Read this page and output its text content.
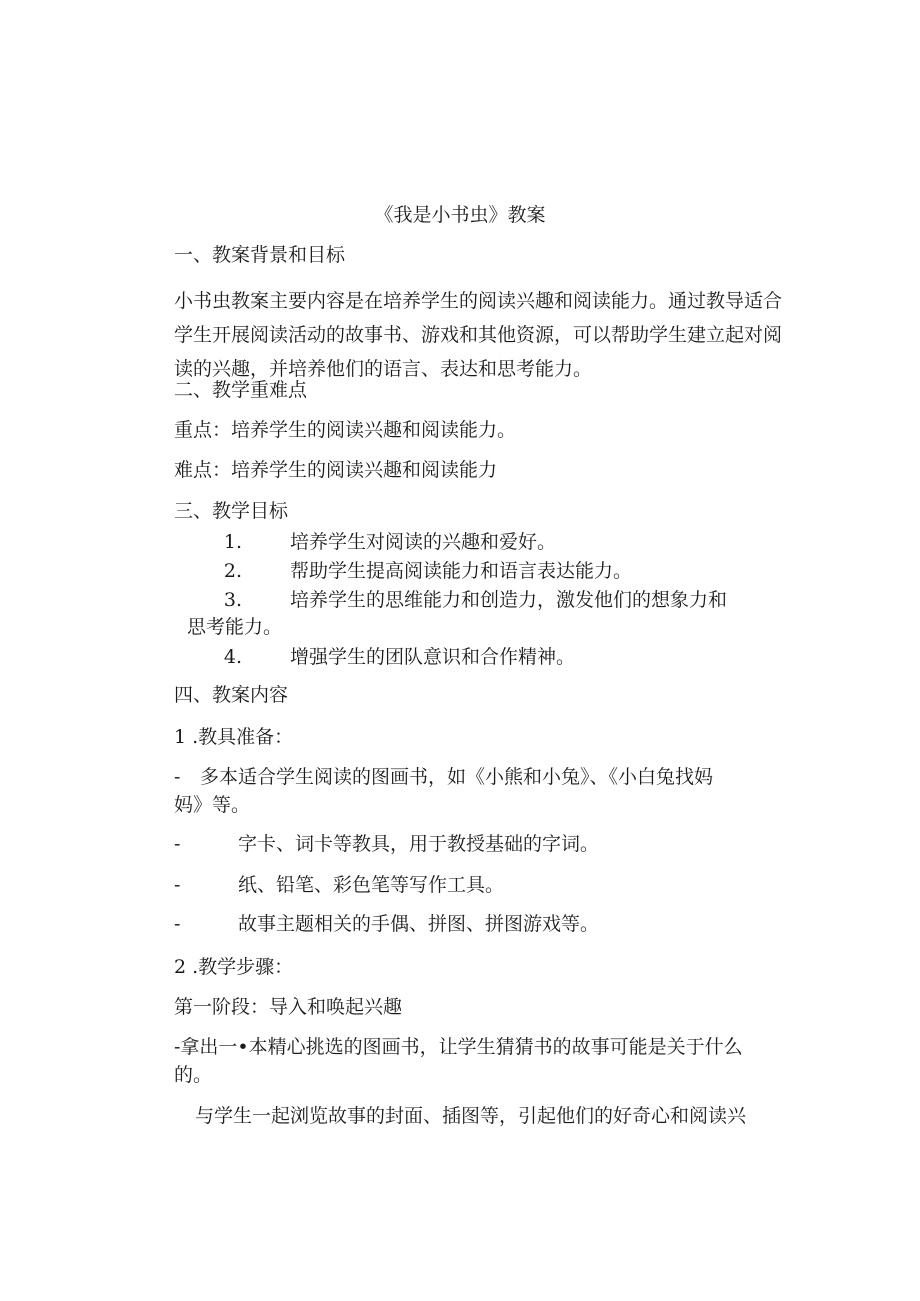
《我是小书虫》教案
一、教案背景和目标
小书虫教案主要内容是在培养学生的阅读兴趣和阅读能力。通过教导适合学生开展阅读活动的故事书、游戏和其他资源，可以帮助学生建立起对阅读的兴趣，并培养他们的语言、表达和思考能力。
二、教学重难点
重点：培养学生的阅读兴趣和阅读能力。
难点：培养学生的阅读兴趣和阅读能力
三、教学目标
1.	培养学生对阅读的兴趣和爱好。
2.	帮助学生提高阅读能力和语言表达能力。
3.	培养学生的思维能力和创造力，激发他们的想象力和
思考能力。
4.	增强学生的团队意识和合作精神。
四、教案内容
1 .教具准备：
- 多本适合学生阅读的图画书，如《小熊和小兔》、《小白兔找妈
妈》等。
-	字卡、词卡等教具，用于教授基础的字词。
-	纸、铅笔、彩色笔等写作工具。
-	故事主题相关的手偶、拼图、拼图游戏等。
2 .教学步骤：
第一阶段：导入和唤起兴趣
-拿出一•本精心挑选的图画书，让学生猜猜书的故事可能是关于什么
的。
与学生一起浏览故事的封面、插图等，引起他们的好奇心和阅读兴
